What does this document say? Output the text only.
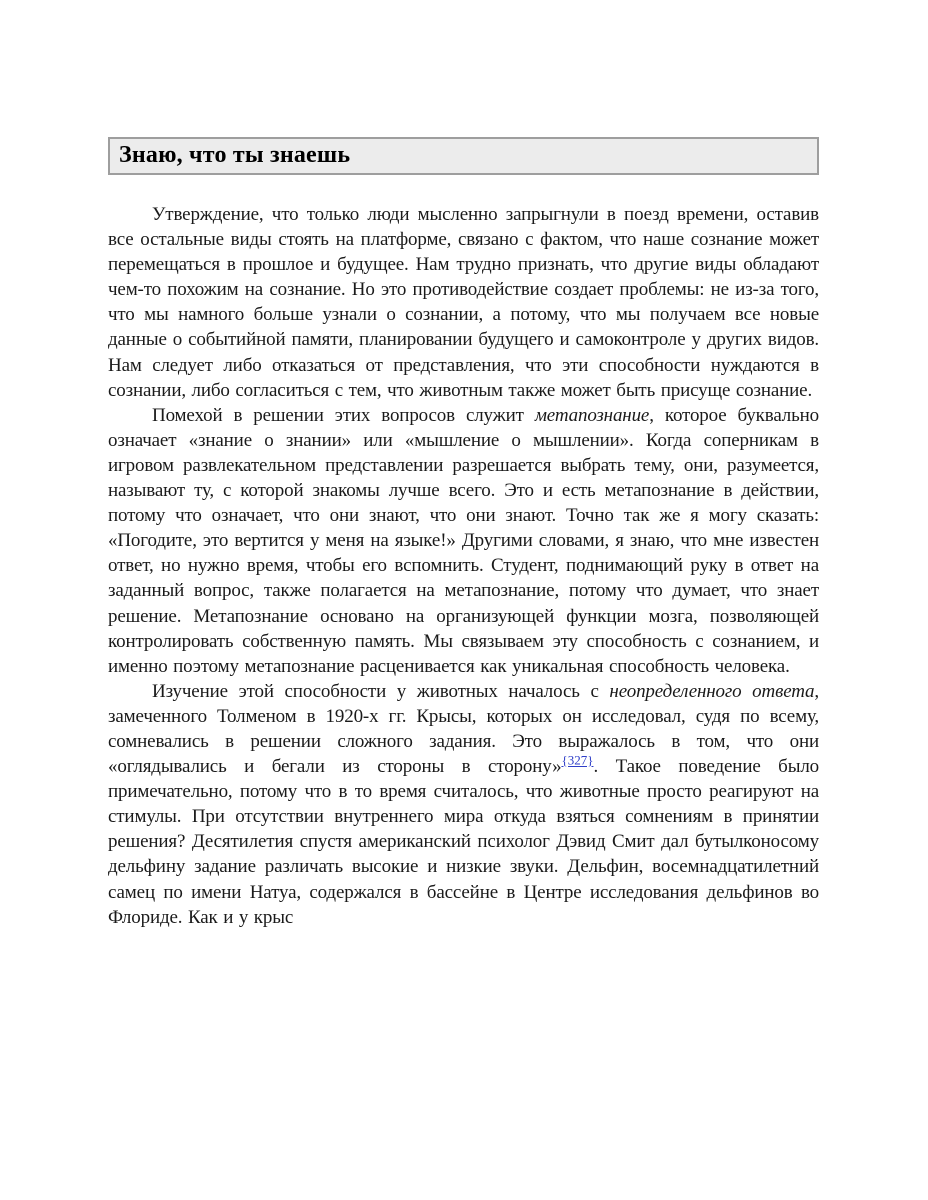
Знаю, что ты знаешь

Утверждение, что только люди мысленно запрыгнули в поезд времени, оставив все остальные виды стоять на платформе, связано с фактом, что наше сознание может перемещаться в прошлое и будущее. Нам трудно признать, что другие виды обладают чем-то похожим на сознание. Но это противодействие создает проблемы: не из-за того, что мы намного больше узнали о сознании, а потому, что мы получаем все новые данные о событийной памяти, планировании будущего и самоконтроле у других видов. Нам следует либо отказаться от представления, что эти способности нуждаются в сознании, либо согласиться с тем, что животным также может быть присуще сознание.

Помехой в решении этих вопросов служит метапознание, которое буквально означает «знание о знании» или «мышление о мышлении». Когда соперникам в игровом развлекательном представлении разрешается выбрать тему, они, разумеется, называют ту, с которой знакомы лучше всего. Это и есть метапознание в действии, потому что означает, что они знают, что они знают. Точно так же я могу сказать: «Погодите, это вертится у меня на языке!» Другими словами, я знаю, что мне известен ответ, но нужно время, чтобы его вспомнить. Студент, поднимающий руку в ответ на заданный вопрос, также полагается на метапознание, потому что думает, что знает решение. Метапознание основано на организующей функции мозга, позволяющей контролировать собственную память. Мы связываем эту способность с сознанием, и именно поэтому метапознание расценивается как уникальная способность человека.

Изучение этой способности у животных началось с неопределенного ответа, замеченного Толменом в 1920-х гг. Крысы, которых он исследовал, судя по всему, сомневались в решении сложного задания. Это выражалось в том, что они «оглядывались и бегали из стороны в сторону»$^{\{327\}}$. Такое поведение было примечательно, потому что в то время считалось, что животные просто реагируют на стимулы. При отсутствии внутреннего мира откуда взяться сомнениям в принятии решения? Десятилетия спустя американский психолог Дэвид Смит дал бутылконосому дельфину задание различать высокие и низкие звуки. Дельфин, восемнадцатилетний самец по имени Натуа, содержался в бассейне в Центре исследования дельфинов во Флориде. Как и у крыс
